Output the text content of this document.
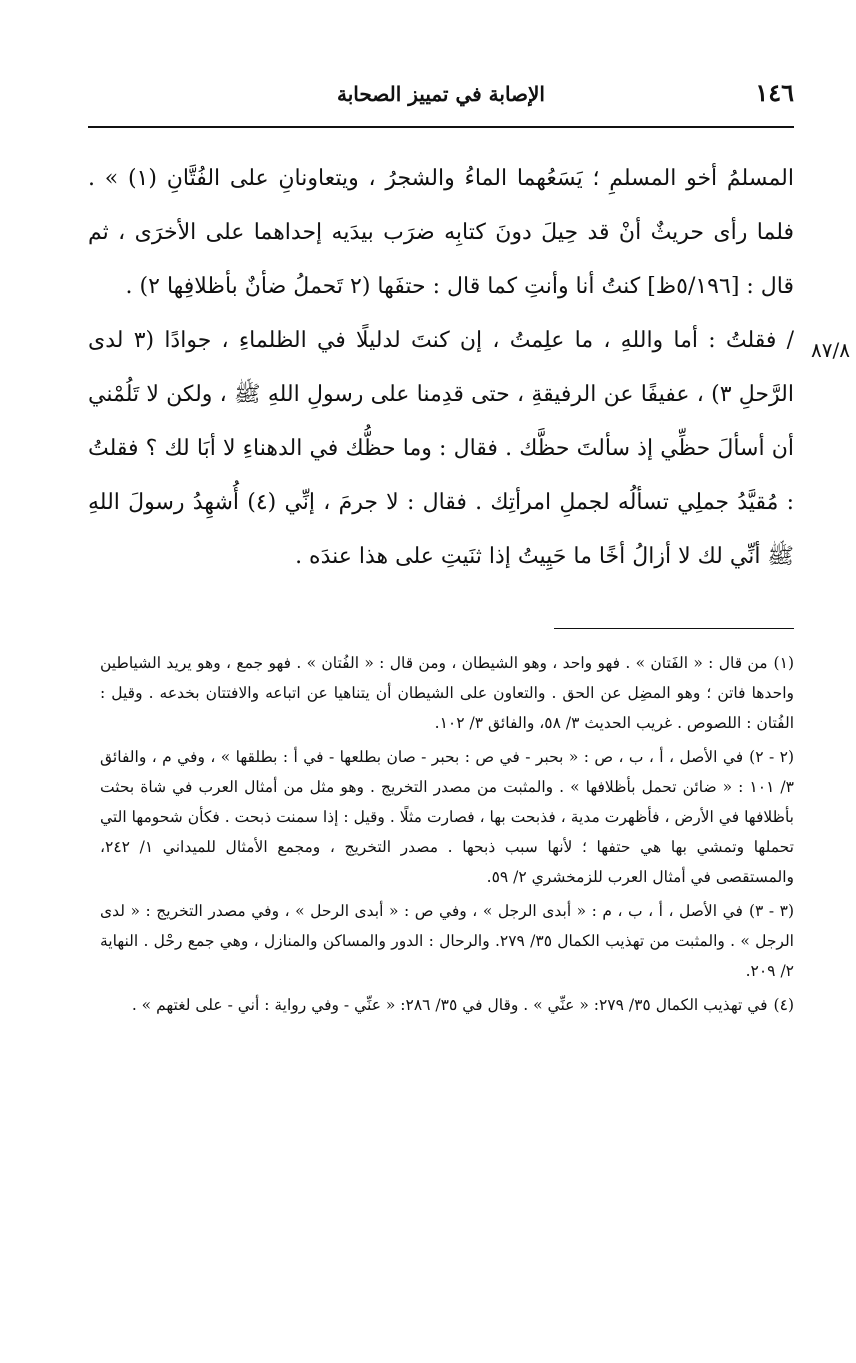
١٤٦
الإصابة في تمييز الصحابة
٨٧/٨

المسلمُ أخو المسلمِ ؛ يَسَعُهما الماءُ والشجرُ ، ويتعاونانِ على الفُتَّانِ (١) » . فلما رأى حريثٌ أنْ قد حِيلَ دونَ كتابِه ضرَب بيدَيه إحداهما على الأخرَى ، ثم قال : [٥/١٩٦ظ] كنتُ أنا وأنتِ كما قال : حتفَها (٢ تَحملُ ضأنٌ بأظلافِها ٢) .

/ فقلتُ : أما واللهِ ، ما علِمتُ ، إن كنتَ لدليلًا في الظلماءِ ، جوادًا (٣ لدى الرَّحلِ ٣) ، عفيفًا عن الرفيقةِ ، حتى قدِمنا على رسولِ اللهِ ﷺ ، ولكن لا تَلُمْني أن أسألَ حظِّي إذ سألتَ حظَّك . فقال : وما حظُّك في الدهناءِ لا أبَا لك ؟ فقلتُ : مُقيَّدُ جملِي تسألُه لجملِ امرأتِك . فقال : لا جرمَ ، إنِّي (٤) أُشهِدُ رسولَ اللهِ ﷺ أنِّي لك لا أزالُ أخًا ما حَيِيتُ إذا ثنَيتِ على هذا عندَه .

(١)من قال : « الفَتان » . فهو واحد ، وهو الشيطان ، ومن قال : « الفُتان » . فهو جمع ، وهو يريد الشياطين واحدها فاتن ؛ وهو المضِل عن الحق . والتعاون على الشيطان أن يتناهيا عن اتباعه والافتتان بخدعه . وقيل : الفُتان : اللصوص . غريب الحديث ٣/ ٥٨، والفائق ٣/ ١٠٢.

(٢ - ٢)في الأصل ، أ ، ب ، ص : « بحبر - في ص : بحبر - صان بطلعها - في أ : بطلقها » ، وفي م ، والفائق ٣/ ١٠١ : « ضائن تحمل بأظلافها » . والمثبت من مصدر التخريج . وهو مثل من أمثال العرب في شاة بحثت بأظلافها في الأرض ، فأظهرت مدية ، فذبحت بها ، فصارت مثلًا . وقيل : إذا سمنت ذبحت . فكأن شحومها التي تحملها وتمشي بها هي حتفها ؛ لأنها سبب ذبحها . مصدر التخريج ، ومجمع الأمثال للميداني ١/ ٢٤٢، والمستقصى في أمثال العرب للزمخشري ٢/ ٥٩.

(٣ - ٣)في الأصل ، أ ، ب ، م : « أبدى الرجل » ، وفي ص : « أبدى الرحل » ، وفي مصدر التخريج : « لدى الرجل » . والمثبت من تهذيب الكمال ٣٥/ ٢٧٩. والرحال : الدور والمساكن والمنازل ، وهي جمع رحْل . النهاية ٢/ ٢٠٩.

(٤)في تهذيب الكمال ٣٥/ ٢٧٩: « عنِّي » . وقال في ٣٥/ ٢٨٦: « عنِّي - وفي رواية : أني - على لغتهم » .
